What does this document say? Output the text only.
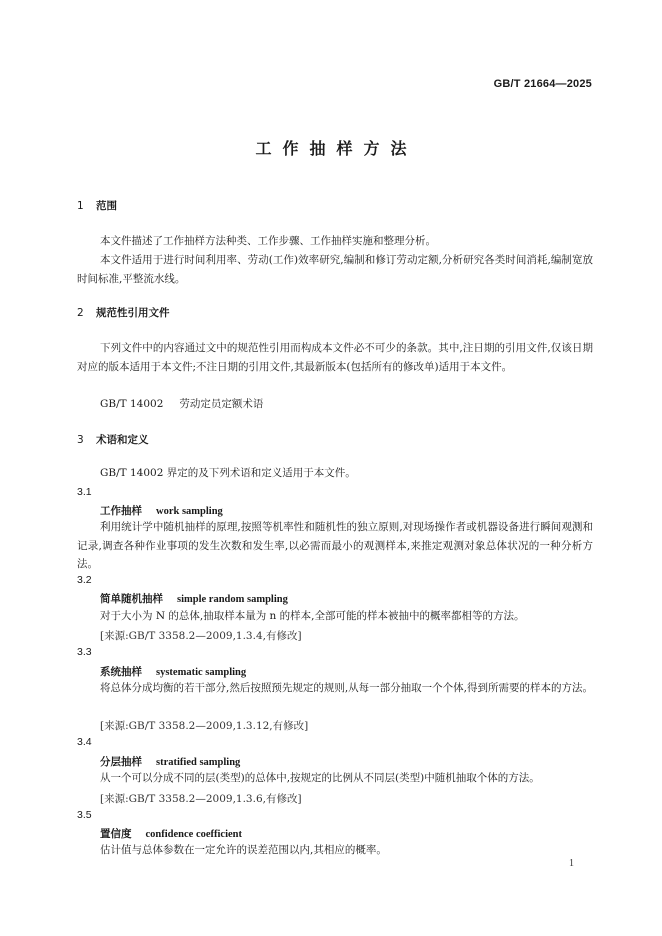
GB/T 21664—2025
工作抽样方法
1 范围
本文件描述了工作抽样方法种类、工作步骤、工作抽样实施和整理分析。
本文件适用于进行时间利用率、劳动(工作)效率研究,编制和修订劳动定额,分析研究各类时间消耗,编制宽放时间标准,平整流水线。
2 规范性引用文件
下列文件中的内容通过文中的规范性引用而构成本文件必不可少的条款。其中,注日期的引用文件,仅该日期对应的版本适用于本文件;不注日期的引用文件,其最新版本(包括所有的修改单)适用于本文件。
GB/T 14002 劳动定员定额术语
3 术语和定义
GB/T 14002 界定的及下列术语和定义适用于本文件。
3.1
工作抽样 work sampling
利用统计学中随机抽样的原理,按照等机率性和随机性的独立原则,对现场操作者或机器设备进行瞬间观测和记录,调查各种作业事项的发生次数和发生率,以必需而最小的观测样本,来推定观测对象总体状况的一种分析方法。
3.2
简单随机抽样 simple random sampling
对于大小为 N 的总体,抽取样本量为 n 的样本,全部可能的样本被抽中的概率都相等的方法。
[来源:GB/T 3358.2—2009,1.3.4,有修改]
3.3
系统抽样 systematic sampling
将总体分成均衡的若干部分,然后按照预先规定的规则,从每一部分抽取一个个体,得到所需要的样本的方法。
[来源:GB/T 3358.2—2009,1.3.12,有修改]
3.4
分层抽样 stratified sampling
从一个可以分成不同的层(类型)的总体中,按规定的比例从不同层(类型)中随机抽取个体的方法。
[来源:GB/T 3358.2—2009,1.3.6,有修改]
3.5
置信度 confidence coefficient
估计值与总体参数在一定允许的误差范围以内,其相应的概率。
1
